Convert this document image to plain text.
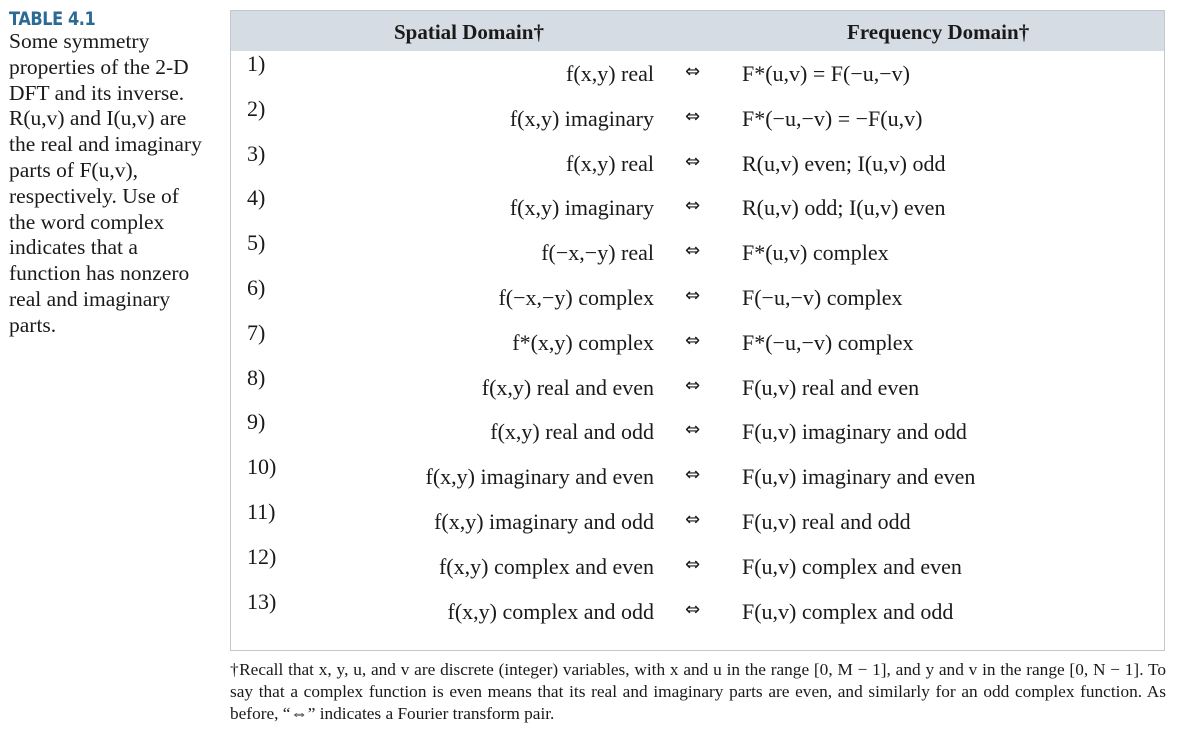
TABLE 4.1
Some symmetry properties of the 2-D DFT and its inverse. R(u,v) and I(u,v) are the real and imaginary parts of F(u,v), respectively. Use of the word complex indicates that a function has nonzero real and imaginary parts.
Spatial Domain†	Frequency Domain†
1)	f(x,y) real ⇔ F*(u,v) = F(−u,−v)
2)	f(x,y) imaginary ⇔ F*(−u,−v) = −F(u,v)
3)	f(x,y) real ⇔ R(u,v) even; I(u,v) odd
4)	f(x,y) imaginary ⇔ R(u,v) odd; I(u,v) even
5)	f(−x,−y) real ⇔ F*(u,v) complex
6)	f(−x,−y) complex ⇔ F(−u,−v) complex
7)	f*(x,y) complex ⇔ F*(−u,−v) complex
8)	f(x,y) real and even ⇔ F(u,v) real and even
9)	f(x,y) real and odd ⇔ F(u,v) imaginary and odd
10)	f(x,y) imaginary and even ⇔ F(u,v) imaginary and even
11)	f(x,y) imaginary and odd ⇔ F(u,v) real and odd
12)	f(x,y) complex and even ⇔ F(u,v) complex and even
13)	f(x,y) complex and odd ⇔ F(u,v) complex and odd
†Recall that x, y, u, and v are discrete (integer) variables, with x and u in the range [0, M − 1], and y and v in the range [0, N − 1]. To say that a complex function is even means that its real and imaginary parts are even, and similarly for an odd complex function. As before, “⇔” indicates a Fourier transform pair.
